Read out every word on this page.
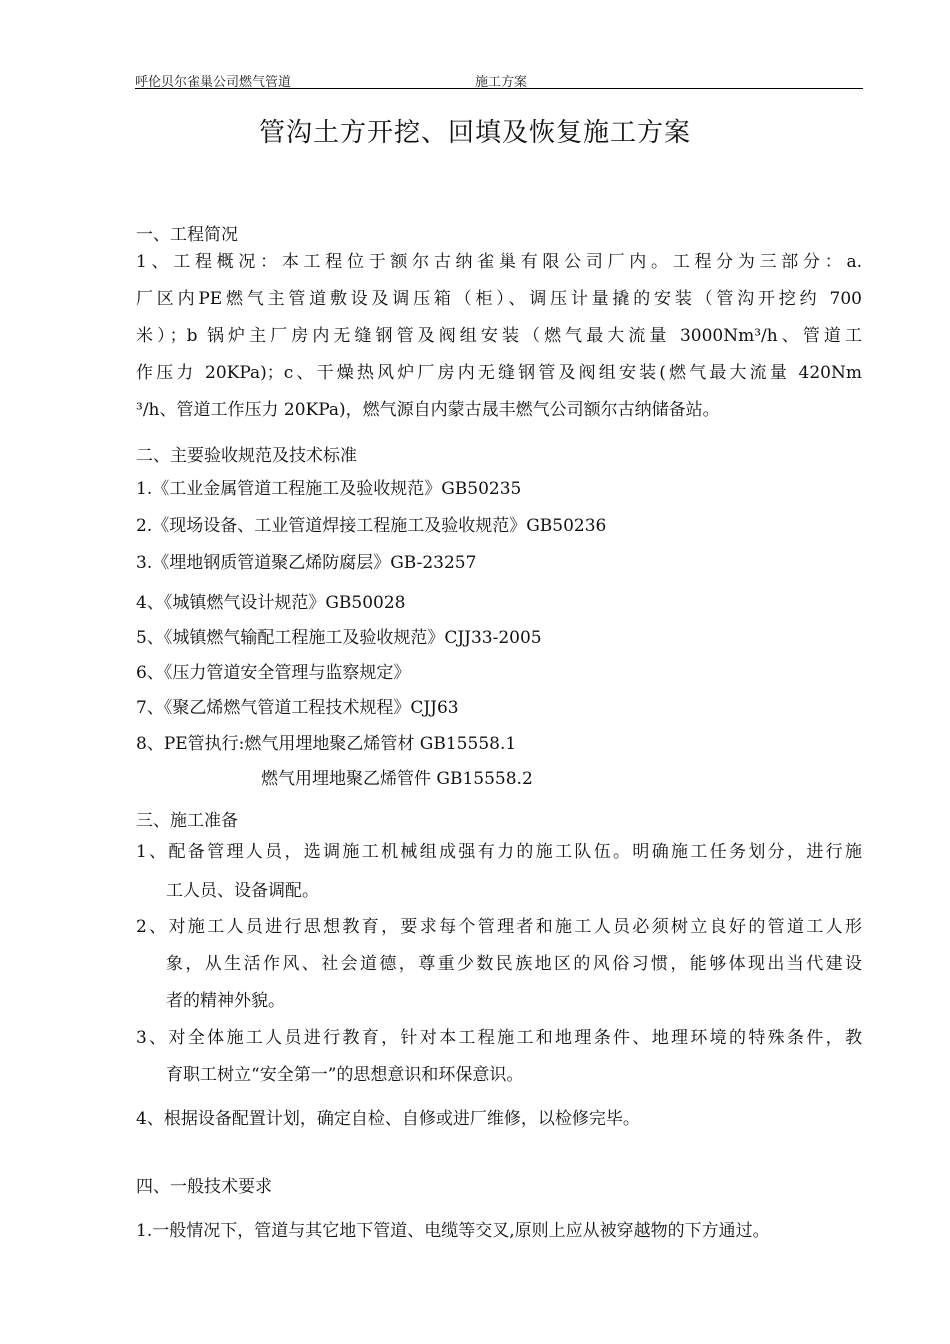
呼伦贝尔雀巢公司燃气管道	施工方案
管沟土方开挖、回填及恢复施工方案
一、工程简况
1、工程概况：本工程位于额尔古纳雀巢有限公司厂内。工程分为三部分：a.
厂区内PE燃气主管道敷设及调压箱（柜）、调压计量撬的安装（管沟开挖约 700
米）；b 锅炉主厂房内无缝钢管及阀组安装（燃气最大流量 3000Nm³/h、管道工
作压力 20KPa)；c、干燥热风炉厂房内无缝钢管及阀组安装(燃气最大流量 420Nm
³/h、管道工作压力 20KPa)，燃气源自内蒙古晟丰燃气公司额尔古纳储备站。
二、主要验收规范及技术标准
1.《工业金属管道工程施工及验收规范》GB50235
2.《现场设备、工业管道焊接工程施工及验收规范》GB50236
3.《埋地钢质管道聚乙烯防腐层》GB-23257
4、《城镇燃气设计规范》GB50028
5、《城镇燃气输配工程施工及验收规范》CJJ33-2005
6、《压力管道安全管理与监察规定》
7、《聚乙烯燃气管道工程技术规程》CJJ63
8、PE管执行:燃气用埋地聚乙烯管材 GB15558.1
燃气用埋地聚乙烯管件 GB15558.2
三、施工准备
1、配备管理人员，选调施工机械组成强有力的施工队伍。明确施工任务划分，进行施
工人员、设备调配。
2、对施工人员进行思想教育，要求每个管理者和施工人员必须树立良好的管道工人形
象，从生活作风、社会道德，尊重少数民族地区的风俗习惯，能够体现出当代建设
者的精神外貌。
3、对全体施工人员进行教育，针对本工程施工和地理条件、地理环境的特殊条件，教
育职工树立“安全第一”的思想意识和环保意识。
4、根据设备配置计划，确定自检、自修或进厂维修，以检修完毕。
四、一般技术要求
1.一般情况下，管道与其它地下管道、电缆等交叉,原则上应从被穿越物的下方通过。
